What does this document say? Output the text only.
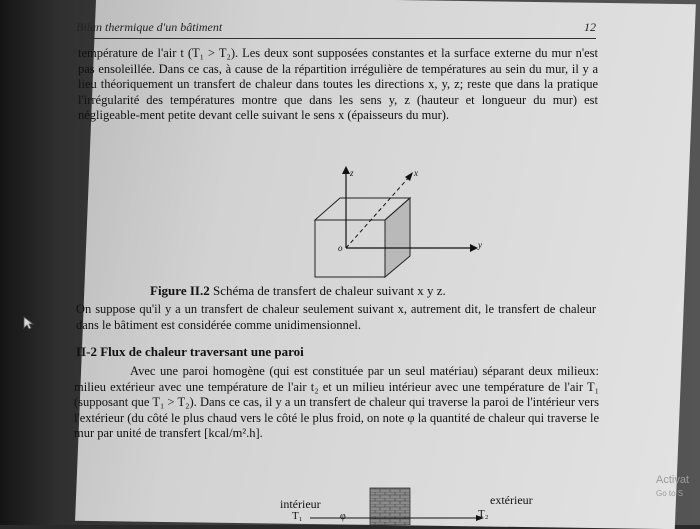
Bilan thermique d'un bâtiment	12
température de l'air t (T₁ > T₂). Les deux sont supposées constantes et la surface externe du mur n'est pas ensoleillée. Dans ce cas, à cause de la répartition irrégulière de températures au sein du mur, il y a lieu théoriquement un transfert de chaleur dans toutes les directions x, y, z; reste que dans la pratique l'irrégularité des températures montre que dans les sens y, z (hauteur et longueur du mur) est négligeable-ment petite devant celle suivant le sens x (épaisseurs du mur).
z	x
y
o
Figure II.2 Schéma de transfert de chaleur suivant x y z.
On suppose qu'il y a un transfert de chaleur seulement suivant x, autrement dit, le transfert de chaleur dans le bâtiment est considérée comme unidimensionnel.
II-2 Flux de chaleur traversant une paroi
Avec une paroi homogène (qui est constituée par un seul matériau) séparant deux milieux: milieu extérieur avec une température de l'air t₂ et un milieu intérieur avec une température de l'air T₁ (supposant que T₁ > T₂). Dans ce cas, il y a un transfert de chaleur qui traverse la paroi de l'intérieur vers l'extérieur (du côté le plus chaud vers le côté le plus froid, on note φ la quantité de chaleur qui traverse le mur par unité de transfert [kcal/m².h].
intérieur	extérieur
T₁	T₂
φ
Activat
Go to S
